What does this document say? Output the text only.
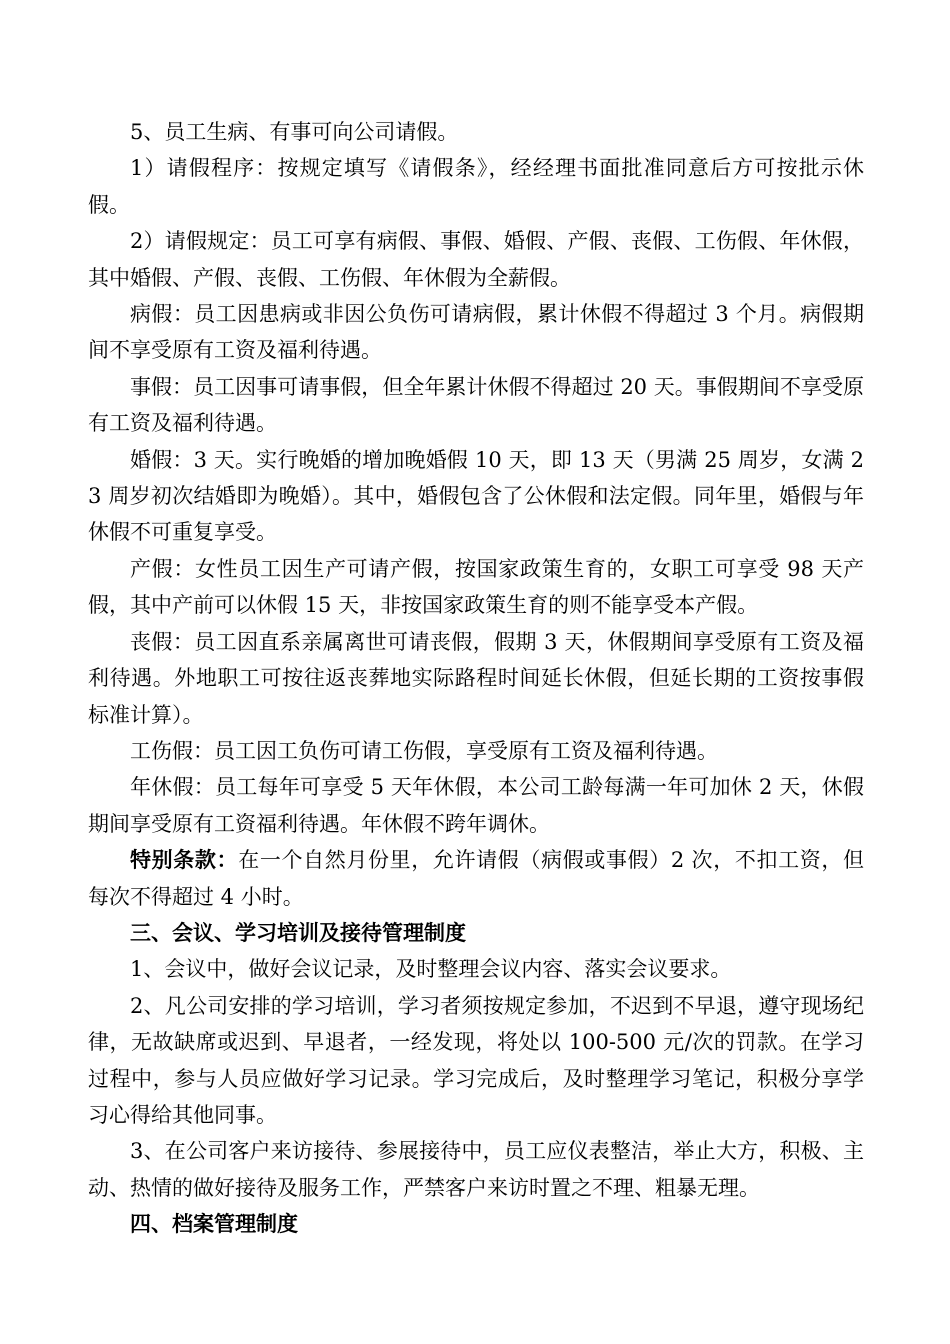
5、员工生病、有事可向公司请假。

1）请假程序：按规定填写《请假条》，经经理书面批准同意后方可按批示休假。

2）请假规定：员工可享有病假、事假、婚假、产假、丧假、工伤假、年休假，其中婚假、产假、丧假、工伤假、年休假为全薪假。

病假：员工因患病或非因公负伤可请病假，累计休假不得超过 3 个月。病假期间不享受原有工资及福利待遇。

事假：员工因事可请事假，但全年累计休假不得超过 20 天。事假期间不享受原有工资及福利待遇。

婚假：3 天。实行晚婚的增加晚婚假 10 天，即 13 天（男满 25 周岁，女满 23 周岁初次结婚即为晚婚）。其中，婚假包含了公休假和法定假。同年里，婚假与年休假不可重复享受。

产假：女性员工因生产可请产假，按国家政策生育的，女职工可享受 98 天产假，其中产前可以休假 15 天，非按国家政策生育的则不能享受本产假。

丧假：员工因直系亲属离世可请丧假，假期 3 天，休假期间享受原有工资及福利待遇。外地职工可按往返丧葬地实际路程时间延长休假，但延长期的工资按事假标准计算）。

工伤假：员工因工负伤可请工伤假，享受原有工资及福利待遇。

年休假：员工每年可享受 5 天年休假，本公司工龄每满一年可加休 2 天，休假期间享受原有工资福利待遇。年休假不跨年调休。

特别条款：在一个自然月份里，允许请假（病假或事假）2 次，不扣工资，但每次不得超过 4 小时。

三、会议、学习培训及接待管理制度

1、会议中，做好会议记录，及时整理会议内容、落实会议要求。

2、凡公司安排的学习培训，学习者须按规定参加，不迟到不早退，遵守现场纪律，无故缺席或迟到、早退者，一经发现，将处以 100-500 元/次的罚款。在学习过程中，参与人员应做好学习记录。学习完成后，及时整理学习笔记，积极分享学习心得给其他同事。

3、在公司客户来访接待、参展接待中，员工应仪表整洁，举止大方，积极、主动、热情的做好接待及服务工作，严禁客户来访时置之不理、粗暴无理。

四、档案管理制度
